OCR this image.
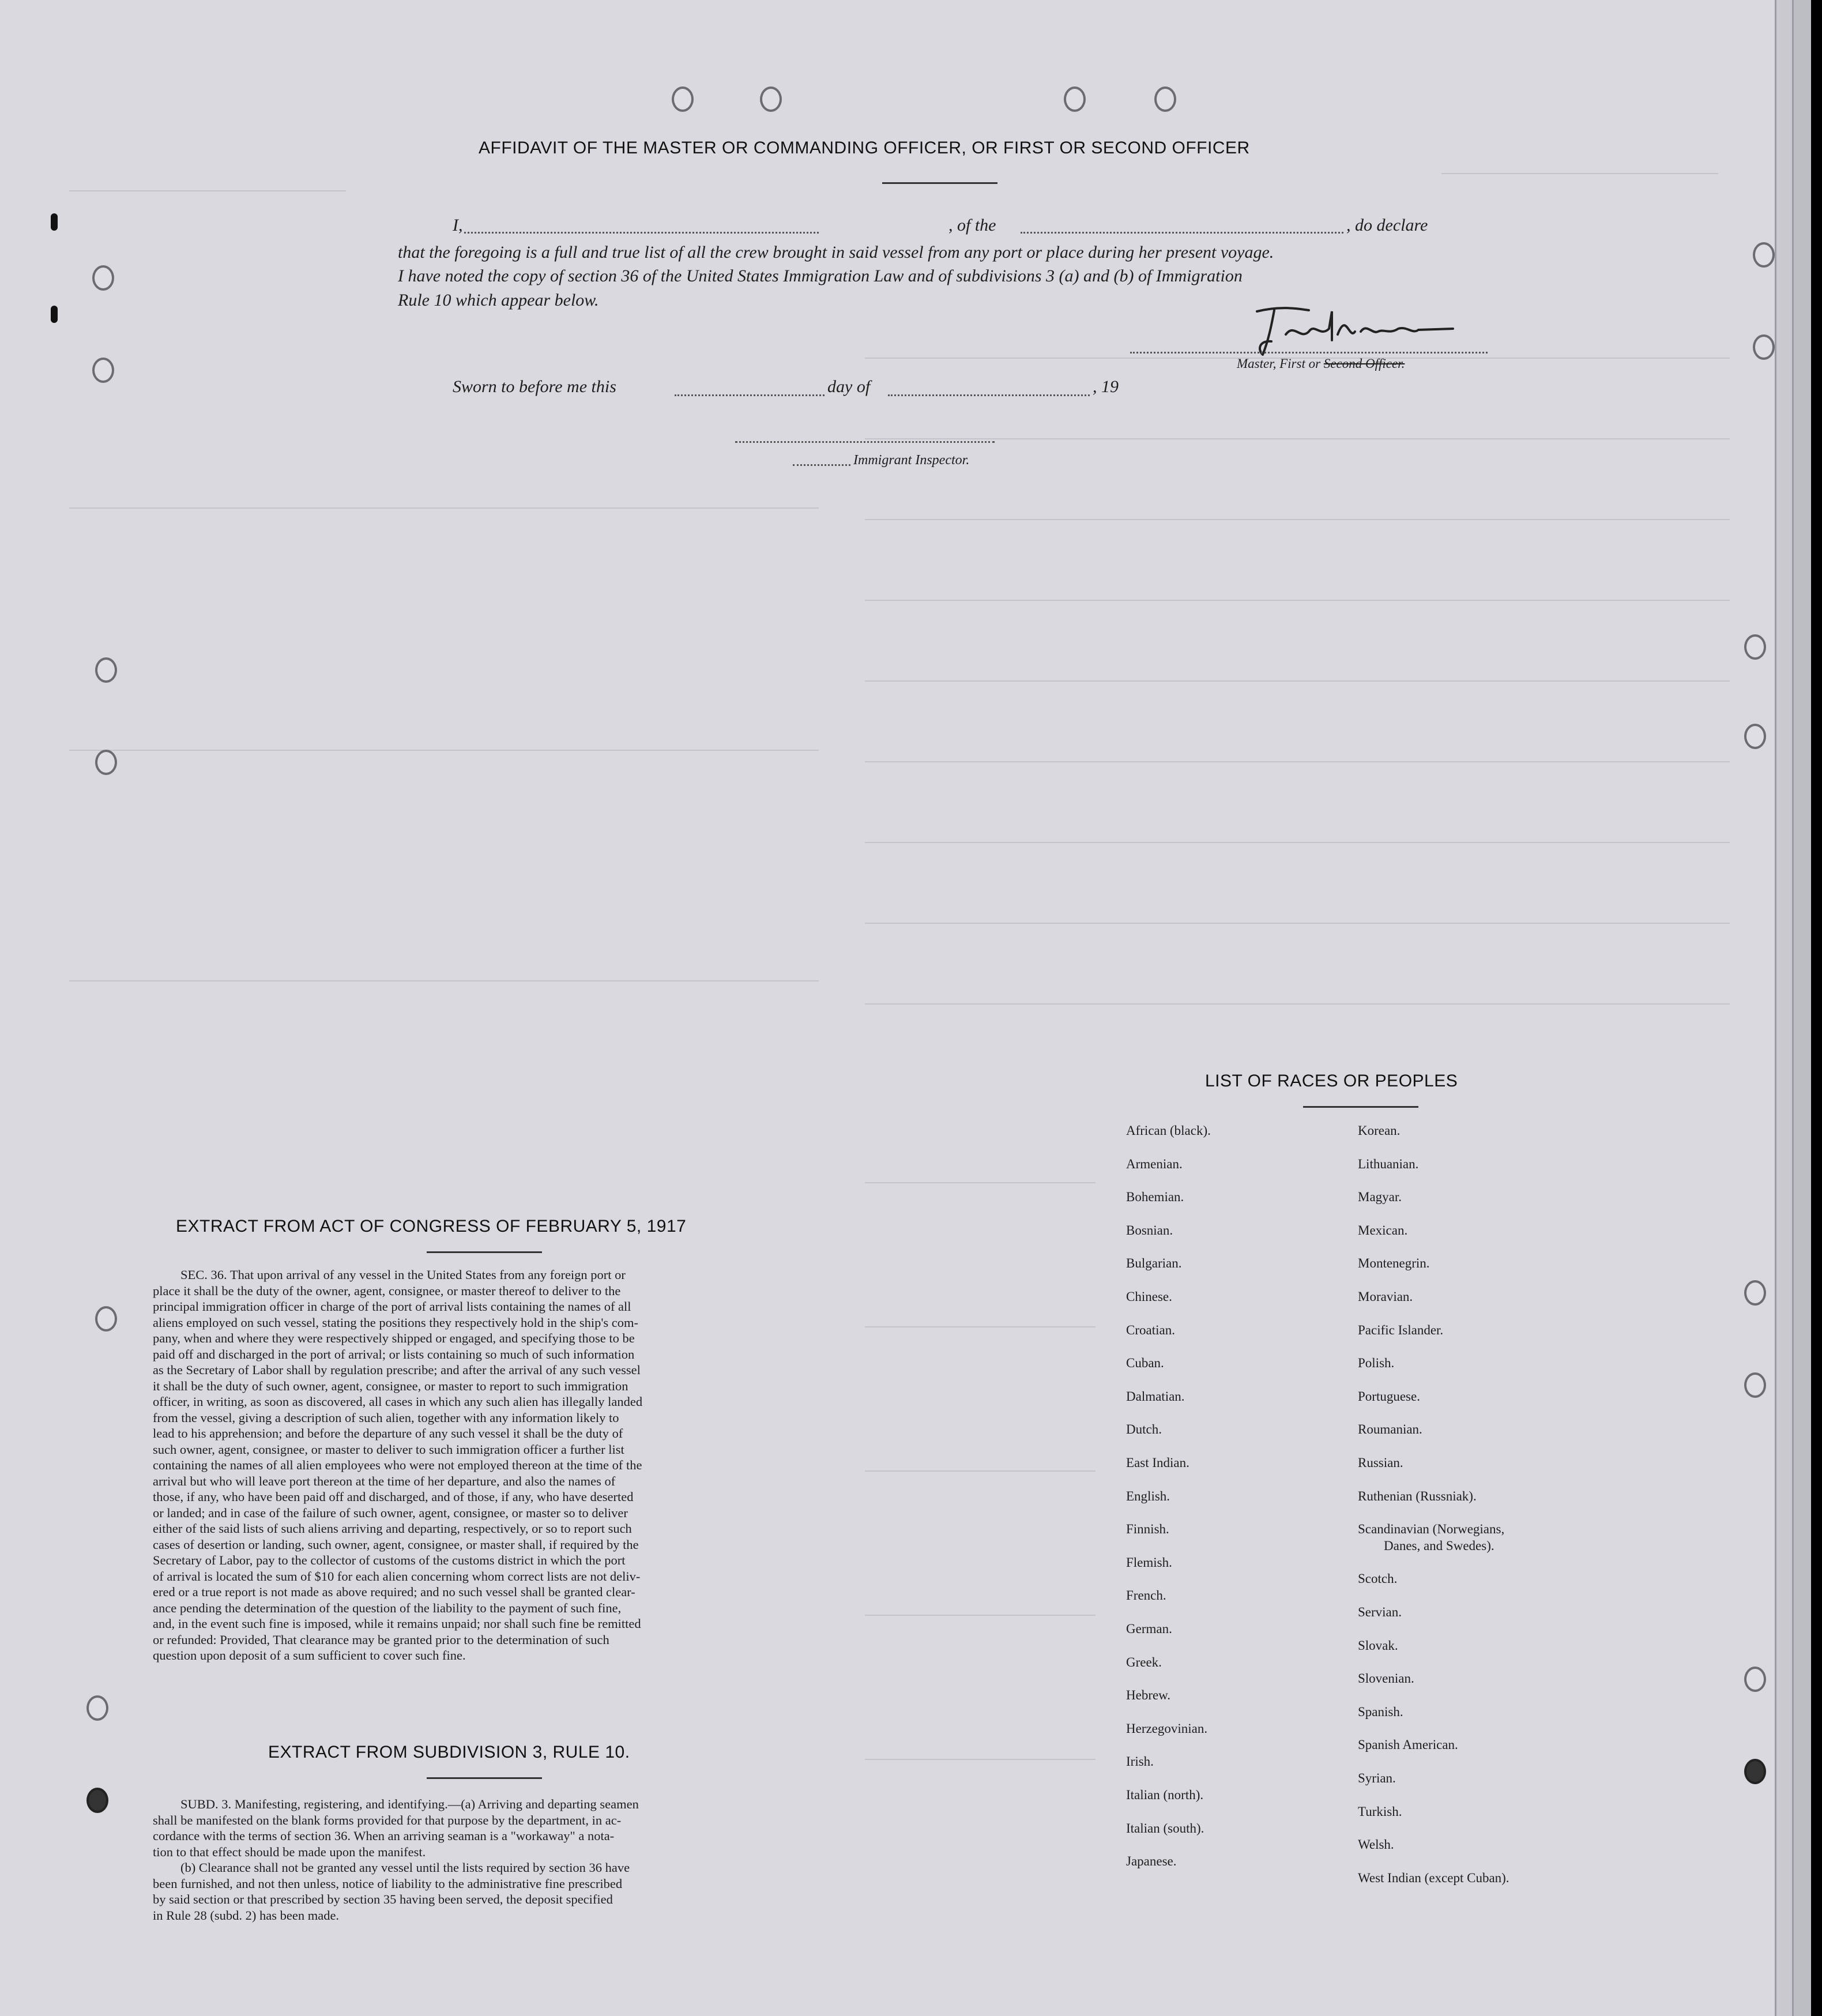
AFFIDAVIT OF THE MASTER OR COMMANDING OFFICER, OR FIRST OR SECOND OFFICER
I,	, of the	, do declare
that the foregoing is a full and true list of all the crew brought in said vessel from any port or place during her present voyage.
I have noted the copy of section 36 of the United States Immigration Law and of subdivisions 3 (a) and (b) of Immigration
Rule 10 which appear below.
Master, First or Second Officer.
Sworn to before me this	day of	, 19
Immigrant Inspector.
EXTRACT FROM ACT OF CONGRESS OF FEBRUARY 5, 1917
SEC. 36. That upon arrival of any vessel in the United States from any foreign port or
place it shall be the duty of the owner, agent, consignee, or master thereof to deliver to the
principal immigration officer in charge of the port of arrival lists containing the names of all
aliens employed on such vessel, stating the positions they respectively hold in the ship's com-
pany, when and where they were respectively shipped or engaged, and specifying those to be
paid off and discharged in the port of arrival; or lists containing so much of such information
as the Secretary of Labor shall by regulation prescribe; and after the arrival of any such vessel
it shall be the duty of such owner, agent, consignee, or master to report to such immigration
officer, in writing, as soon as discovered, all cases in which any such alien has illegally landed
from the vessel, giving a description of such alien, together with any information likely to
lead to his apprehension; and before the departure of any such vessel it shall be the duty of
such owner, agent, consignee, or master to deliver to such immigration officer a further list
containing the names of all alien employees who were not employed thereon at the time of the
arrival but who will leave port thereon at the time of her departure, and also the names of
those, if any, who have been paid off and discharged, and of those, if any, who have deserted
or landed; and in case of the failure of such owner, agent, consignee, or master so to deliver
either of the said lists of such aliens arriving and departing, respectively, or so to report such
cases of desertion or landing, such owner, agent, consignee, or master shall, if required by the
Secretary of Labor, pay to the collector of customs of the customs district in which the port
of arrival is located the sum of $10 for each alien concerning whom correct lists are not deliv-
ered or a true report is not made as above required; and no such vessel shall be granted clear-
ance pending the determination of the question of the liability to the payment of such fine,
and, in the event such fine is imposed, while it remains unpaid; nor shall such fine be remitted
or refunded: Provided, That clearance may be granted prior to the determination of such
question upon deposit of a sum sufficient to cover such fine.
EXTRACT FROM SUBDIVISION 3, RULE 10.
SUBD. 3. Manifesting, registering, and identifying.—(a) Arriving and departing seamen
shall be manifested on the blank forms provided for that purpose by the department, in ac-
cordance with the terms of section 36. When an arriving seaman is a "workaway" a nota-
tion to that effect should be made upon the manifest.
(b) Clearance shall not be granted any vessel until the lists required by section 36 have
been furnished, and not then unless, notice of liability to the administrative fine prescribed
by said section or that prescribed by section 35 having been served, the deposit specified
in Rule 28 (subd. 2) has been made.
LIST OF RACES OR PEOPLES
African (black).
Armenian.
Bohemian.
Bosnian.
Bulgarian.
Chinese.
Croatian.
Cuban.
Dalmatian.
Dutch.
East Indian.
English.
Finnish.
Flemish.
French.
German.
Greek.
Hebrew.
Herzegovinian.
Irish.
Italian (north).
Italian (south).
Japanese.
Korean.
Lithuanian.
Magyar.
Mexican.
Montenegrin.
Moravian.
Pacific Islander.
Polish.
Portuguese.
Roumanian.
Russian.
Ruthenian (Russniak).
Scandinavian (Norwegians,
Danes, and Swedes).
Scotch.
Servian.
Slovak.
Slovenian.
Spanish.
Spanish American.
Syrian.
Turkish.
Welsh.
West Indian (except Cuban).
